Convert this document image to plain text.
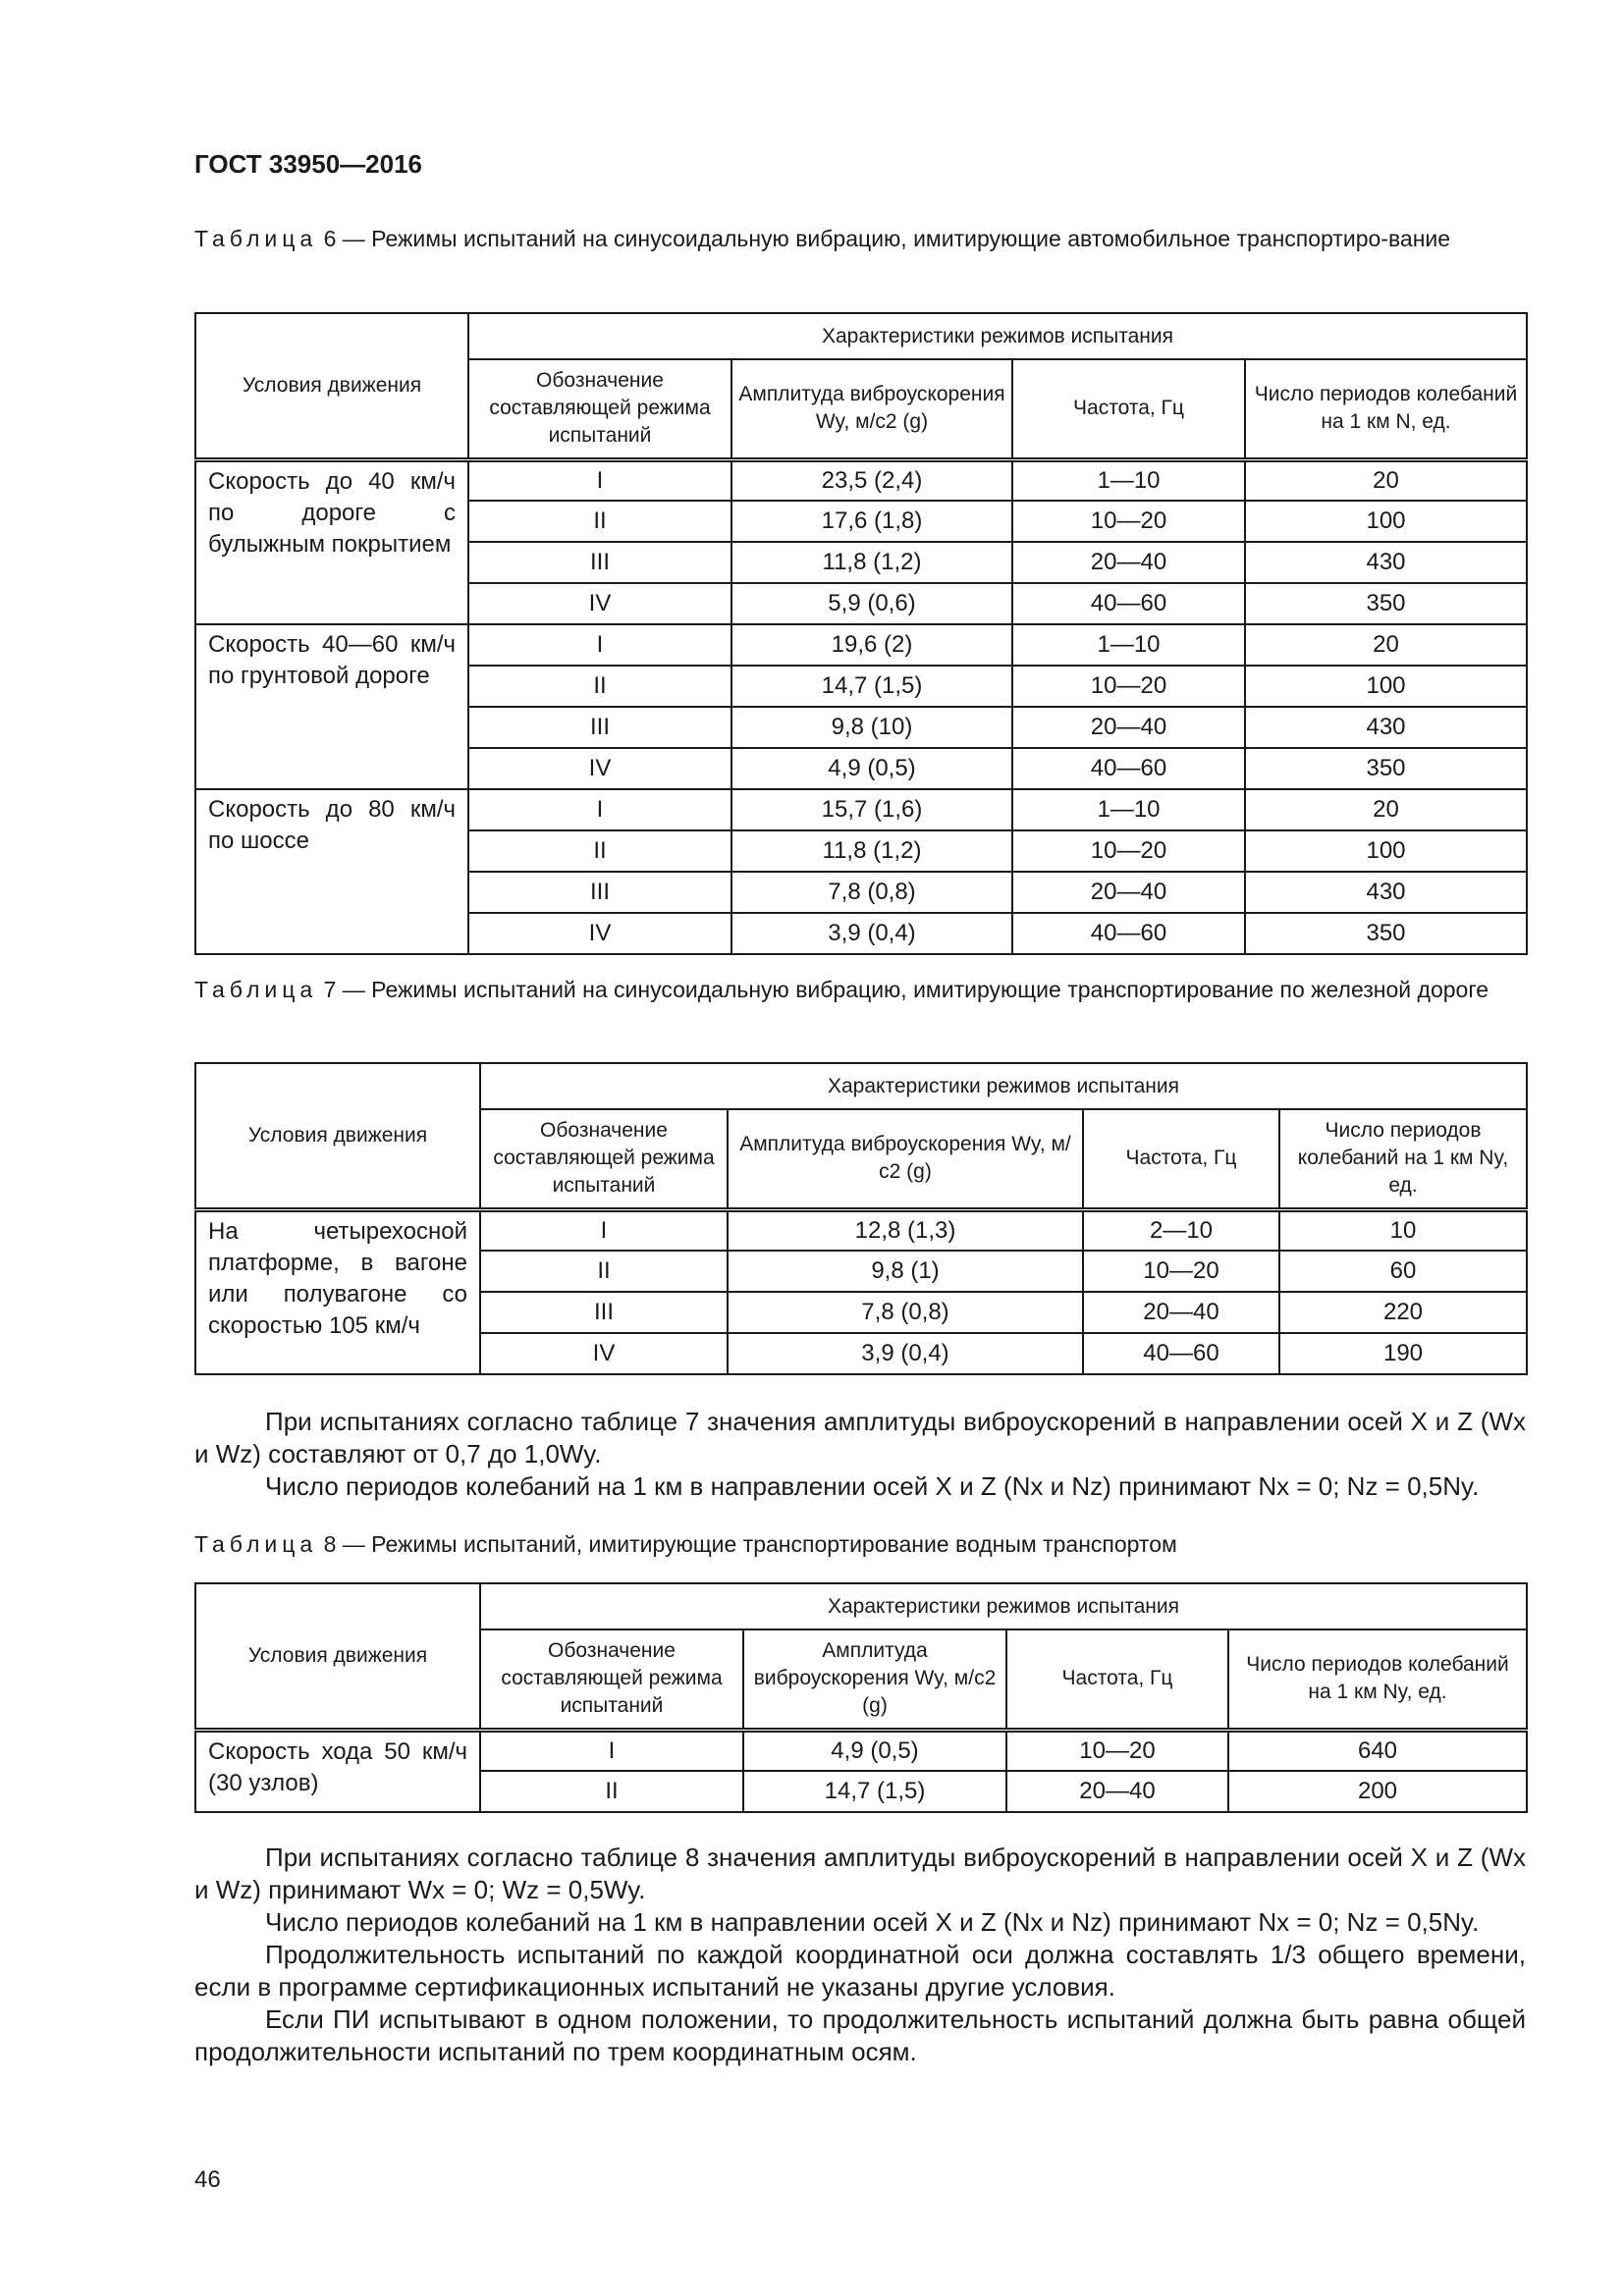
ГОСТ 33950—2016
Таблица 6 — Режимы испытаний на синусоидальную вибрацию, имитирующие автомобильное транспортиро-вание
Условия движения	Характеристики режимов испытания			
	Обозначение составляющей режима испытаний	Амплитуда виброускорения Wy, м/с2 (g)	Частота, Гц	Число периодов колебаний на 1 км N, ед.
Скорость до 40 км/ч по дороге с булыжным покрытием	I	23,5 (2,4)	1—10	20
	II	17,6 (1,8)	10—20	100
	III	11,8 (1,2)	20—40	430
	IV	5,9 (0,6)	40—60	350
Скорость 40—60 км/ч по грунтовой дороге	I	19,6 (2)	1—10	20
	II	14,7 (1,5)	10—20	100
	III	9,8 (10)	20—40	430
	IV	4,9 (0,5)	40—60	350
Скорость до 80 км/ч по шоссе	I	15,7 (1,6)	1—10	20
	II	11,8 (1,2)	10—20	100
	III	7,8 (0,8)	20—40	430
	IV	3,9 (0,4)	40—60	350
Таблица 7 — Режимы испытаний на синусоидальную вибрацию, имитирующие транспортирование по железной дороге
Условия движения	Характеристики режимов испытания			
	Обозначение составляющей режима испытаний	Амплитуда виброускорения Wy, м/с2 (g)	Частота, Гц	Число периодов колебаний на 1 км Ny, ед.
На четырехосной платформе, в вагоне или полувагоне со скоростью 105 км/ч	I	12,8 (1,3)	2—10	10
	II	9,8 (1)	10—20	60
	III	7,8 (0,8)	20—40	220
	IV	3,9 (0,4)	40—60	190

При испытаниях согласно таблице 7 значения амплитуды виброускорений в направлении осей X и Z (Wx и Wz) составляют от 0,7 до 1,0Wy.

Число периодов колебаний на 1 км в направлении осей X и Z (Nx и Nz) принимают Nx = 0; Nz = 0,5Ny.

Таблица 8 — Режимы испытаний, имитирующие транспортирование водным транспортом
Условия движения	Характеристики режимов испытания			
	Обозначение составляющей режима испытаний	Амплитуда виброускорения Wy, м/с2 (g)	Частота, Гц	Число периодов колебаний на 1 км Ny, ед.
Скорость хода 50 км/ч (30 узлов)	I	4,9 (0,5)	10—20	640
	II	14,7 (1,5)	20—40	200

При испытаниях согласно таблице 8 значения амплитуды виброускорений в направлении осей X и Z (Wx и Wz) принимают Wx = 0; Wz = 0,5Wy.

Число периодов колебаний на 1 км в направлении осей X и Z (Nx и Nz) принимают Nx = 0; Nz = 0,5Ny.

Продолжительность испытаний по каждой координатной оси должна составлять 1/3 общего времени, если в программе сертификационных испытаний не указаны другие условия.

Если ПИ испытывают в одном положении, то продолжительность испытаний должна быть равна общей продолжительности испытаний по трем координатным осям.

46
